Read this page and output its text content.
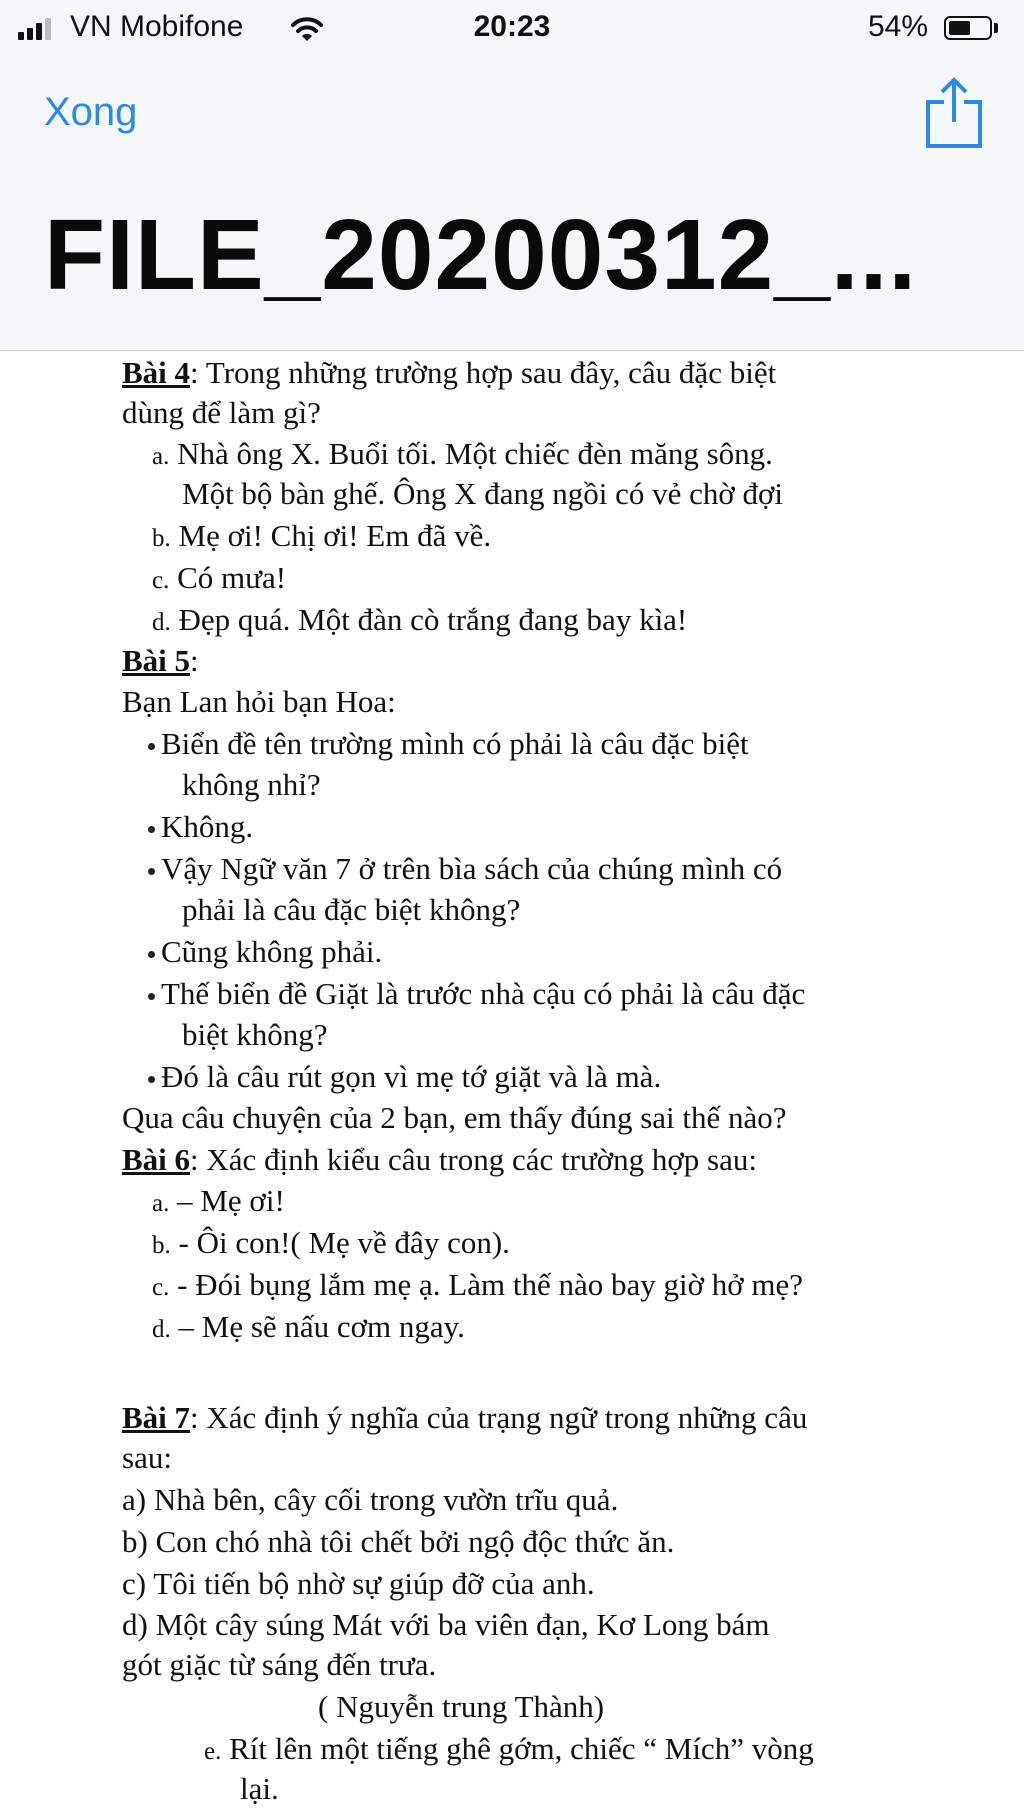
VN Mobifone	20:23	54%
Xong
FILE_20200312_...
Bài 4: Trong những trường hợp sau đây, câu đặc biệt
dùng để làm gì?
a. Nhà ông X. Buổi tối. Một chiếc đèn măng sông.
Một bộ bàn ghế. Ông X đang ngồi có vẻ chờ đợi
b. Mẹ ơi! Chị ơi! Em đã về.
c. Có mưa!
d. Đẹp quá. Một đàn cò trắng đang bay kìa!
Bài 5:
Bạn Lan hỏi bạn Hoa:
Biển đề tên trường mình có phải là câu đặc biệt
không nhỉ?
Không.
Vậy Ngữ văn 7 ở trên bìa sách của chúng mình có
phải là câu đặc biệt không?
Cũng không phải.
Thế biển đề Giặt là trước nhà cậu có phải là câu đặc
biệt không?
Đó là câu rút gọn vì mẹ tớ giặt và là mà.
Qua câu chuyện của 2 bạn, em thấy đúng sai thế nào?
Bài 6: Xác định kiểu câu trong các trường hợp sau:
a. – Mẹ ơi!
b. - Ôi con!( Mẹ về đây con).
c. - Đói bụng lắm mẹ ạ. Làm thế nào bay giờ hở mẹ?
d. – Mẹ sẽ nấu cơm ngay.
Bài 7: Xác định ý nghĩa của trạng ngữ trong những câu
sau:
a) Nhà bên, cây cối trong vườn trĩu quả.
b) Con chó nhà tôi chết bởi ngộ độc thức ăn.
c) Tôi tiến bộ nhờ sự giúp đỡ của anh.
d) Một cây súng Mát với ba viên đạn, Kơ Long bám
gót giặc từ sáng đến trưa.
( Nguyễn trung Thành)
e. Rít lên một tiếng ghê gớm, chiếc “ Mích” vòng
lại.
